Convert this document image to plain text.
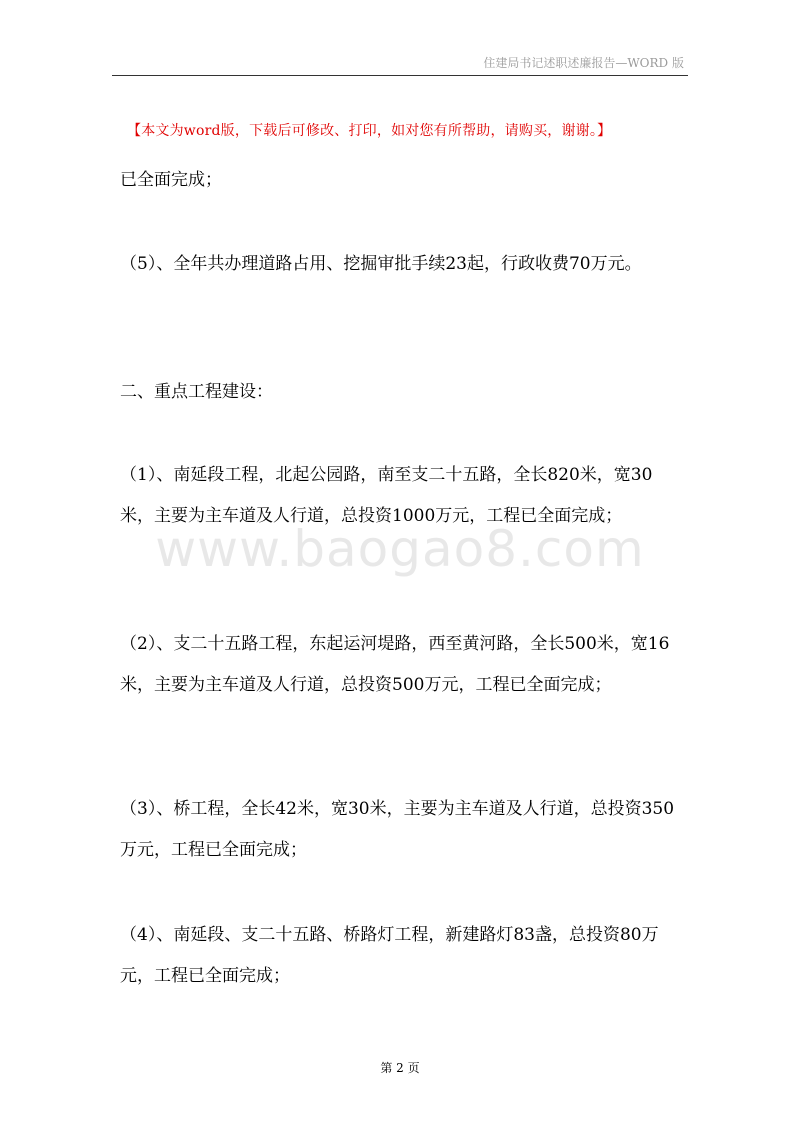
住建局书记述职述廉报告—WORD 版
【本文为word版，下载后可修改、打印，如对您有所帮助，请购买，谢谢。】

已全面完成；

（5）、全年共办理道路占用、挖掘审批手续23起，行政收费70万元。

二、重点工程建设：

（1）、南延段工程，北起公园路，南至支二十五路，全长820米，宽30米，主要为主车道及人行道，总投资1000万元，工程已全面完成；

www.baogao8.com

（2）、支二十五路工程，东起运河堤路，西至黄河路，全长500米，宽16米，主要为主车道及人行道，总投资500万元，工程已全面完成；

（3）、桥工程，全长42米，宽30米，主要为主车道及人行道，总投资350万元，工程已全面完成；

（4）、南延段、支二十五路、桥路灯工程，新建路灯83盏，总投资80万元，工程已全面完成；

第 2 页
